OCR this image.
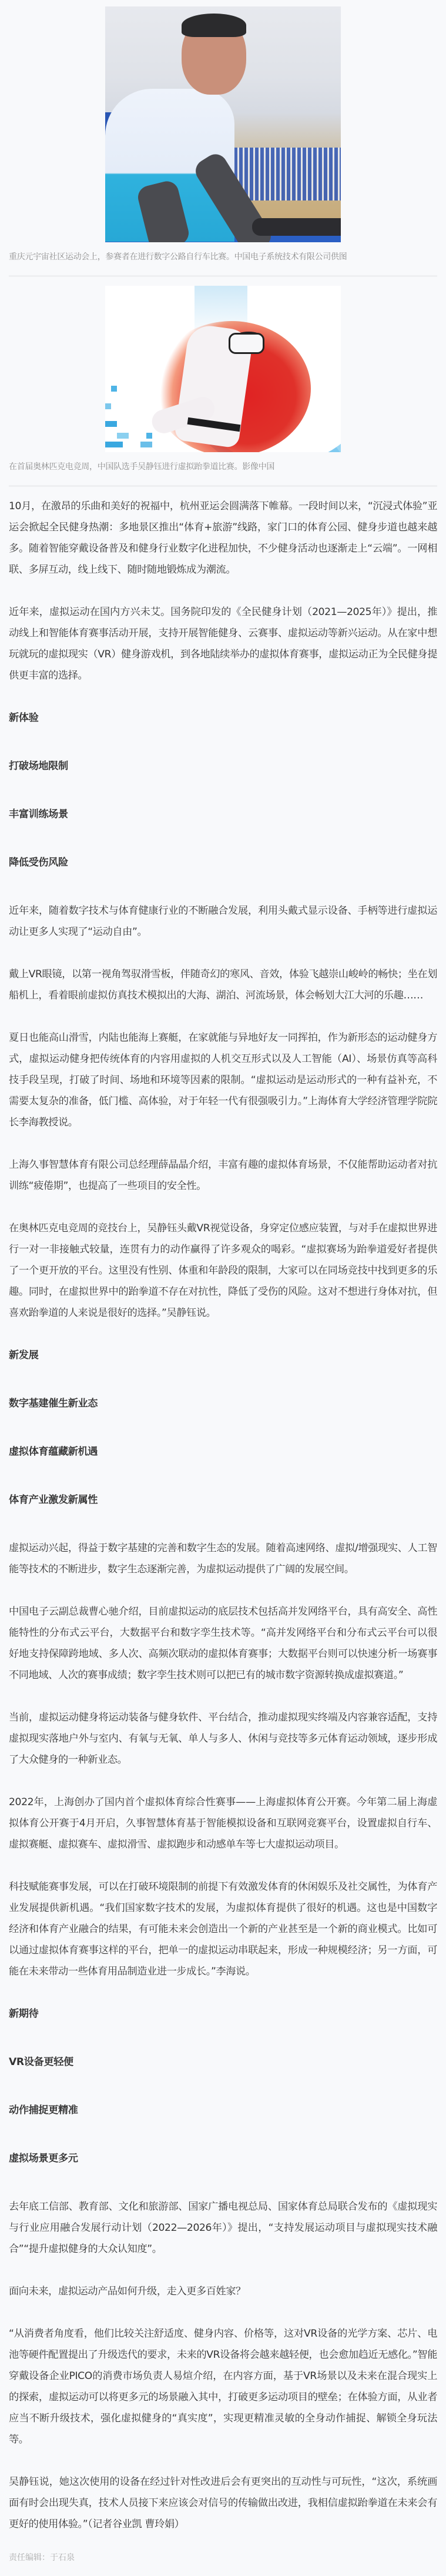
重庆元宇宙社区运动会上，参赛者在进行数字公路自行车比赛。中国电子系统技术有限公司供图

在首届奥林匹克电竞周，中国队选手吴静钰进行虚拟跆拳道比赛。影像中国

10月，在激昂的乐曲和美好的祝福中，杭州亚运会圆满落下帷幕。一段时间以来，“沉浸式体验”亚运会掀起全民健身热潮：多地景区推出“体育+旅游”线路，家门口的体育公园、健身步道也越来越多。随着智能穿戴设备普及和健身行业数字化进程加快，不少健身活动也逐渐走上“云端”。一网相联、多屏互动，线上线下、随时随地锻炼成为潮流。

近年来，虚拟运动在国内方兴未艾。国务院印发的《全民健身计划（2021—2025年）》提出，推动线上和智能体育赛事活动开展，支持开展智能健身、云赛事、虚拟运动等新兴运动。从在家中想玩就玩的虚拟现实（VR）健身游戏机，到各地陆续举办的虚拟体育赛事，虚拟运动正为全民健身提供更丰富的选择。

新体验

打破场地限制

丰富训练场景

降低受伤风险

近年来，随着数字技术与体育健康行业的不断融合发展，利用头戴式显示设备、手柄等进行虚拟运动让更多人实现了“运动自由”。

戴上VR眼镜，以第一视角驾驭滑雪板，伴随奇幻的寒风、音效，体验飞越崇山峻岭的畅快；坐在划船机上，看着眼前虚拟仿真技术模拟出的大海、湖泊、河流场景，体会畅划大江大河的乐趣……

夏日也能高山滑雪，内陆也能海上赛艇，在家就能与异地好友一同挥拍，作为新形态的运动健身方式，虚拟运动健身把传统体育的内容用虚拟的人机交互形式以及人工智能（AI）、场景仿真等高科技手段呈现，打破了时间、场地和环境等因素的限制。“虚拟运动是运动形式的一种有益补充，不需要太复杂的准备，低门槛、高体验，对于年轻一代有很强吸引力。”上海体育大学经济管理学院院长李海教授说。

上海久事智慧体育有限公司总经理薛晶晶介绍，丰富有趣的虚拟体育场景，不仅能帮助运动者对抗训练“疲倦期”，也提高了一些项目的安全性。

在奥林匹克电竞周的竞技台上，吴静钰头戴VR视觉设备，身穿定位感应装置，与对手在虚拟世界进行一对一非接触式较量，连贯有力的动作赢得了许多观众的喝彩。“虚拟赛场为跆拳道爱好者提供了一个更开放的平台。这里没有性别、体重和年龄段的限制，大家可以在同场竞技中找到更多的乐趣。同时，在虚拟世界中的跆拳道不存在对抗性，降低了受伤的风险。这对不想进行身体对抗，但喜欢跆拳道的人来说是很好的选择。”吴静钰说。

新发展

数字基建催生新业态

虚拟体育蕴藏新机遇

体育产业激发新属性

虚拟运动兴起，得益于数字基建的完善和数字生态的发展。随着高速网络、虚拟/增强现实、人工智能等技术的不断进步，数字生态逐渐完善，为虚拟运动提供了广阔的发展空间。

中国电子云副总裁曹心驰介绍，目前虚拟运动的底层技术包括高并发网络平台，具有高安全、高性能特性的分布式云平台，大数据平台和数字孪生技术等。“高并发网络平台和分布式云平台可以很好地支持保障跨地域、多人次、高频次联动的虚拟体育赛事；大数据平台则可以快速分析一场赛事不同地域、人次的赛事成绩；数字孪生技术则可以把已有的城市数字资源转换成虚拟赛道。”

当前，虚拟运动健身将运动装备与健身软件、平台结合，推动虚拟现实终端及内容兼容适配，支持虚拟现实落地户外与室内、有氧与无氧、单人与多人、休闲与竞技等多元体育运动领域，逐步形成了大众健身的一种新业态。

2022年，上海创办了国内首个虚拟体育综合性赛事——上海虚拟体育公开赛。今年第二届上海虚拟体育公开赛于4月开启，久事智慧体育基于智能模拟设备和互联网竞赛平台，设置虚拟自行车、虚拟赛艇、虚拟赛车、虚拟滑雪、虚拟跑步和动感单车等七大虚拟运动项目。

科技赋能赛事发展，可以在打破环境限制的前提下有效激发体育的休闲娱乐及社交属性，为体育产业发展提供新机遇。“我们国家数字技术的发展，为虚拟体育提供了很好的机遇。这也是中国数字经济和体育产业融合的结果，有可能未来会创造出一个新的产业甚至是一个新的商业模式。比如可以通过虚拟体育赛事这样的平台，把单一的虚拟运动串联起来，形成一种规模经济；另一方面，可能在未来带动一些体育用品制造业进一步成长。”李海说。

新期待

VR设备更轻便

动作捕捉更精准

虚拟场景更多元

去年底工信部、教育部、文化和旅游部、国家广播电视总局、国家体育总局联合发布的《虚拟现实与行业应用融合发展行动计划（2022—2026年）》提出，“支持发展运动项目与虚拟现实技术融合”“提升虚拟健身的大众认知度”。

面向未来，虚拟运动产品如何升级，走入更多百姓家？

“从消费者角度看，他们比较关注舒适度、健身内容、价格等，这对VR设备的光学方案、芯片、电池等硬件配置提出了升级迭代的要求，未来的VR设备将会越来越轻便，也会愈加趋近无感化。”智能穿戴设备企业PICO的消费市场负责人易煊介绍，在内容方面，基于VR场景以及未来在混合现实上的探索，虚拟运动可以将更多元的场景融入其中，打破更多运动项目的壁垒；在体验方面，从业者应当不断升级技术，强化虚拟健身的“真实度”，实现更精准灵敏的全身动作捕捉、解锁全身玩法等。

吴静钰说，她这次使用的设备在经过针对性改进后会有更突出的互动性与可玩性，“这次，系统画面有时会出现失真，技术人员接下来应该会对信号的传输做出改进，我相信虚拟跆拳道在未来会有更好的使用体验。”（记者谷业凯 曹玲娟）

责任编辑：于石泉
